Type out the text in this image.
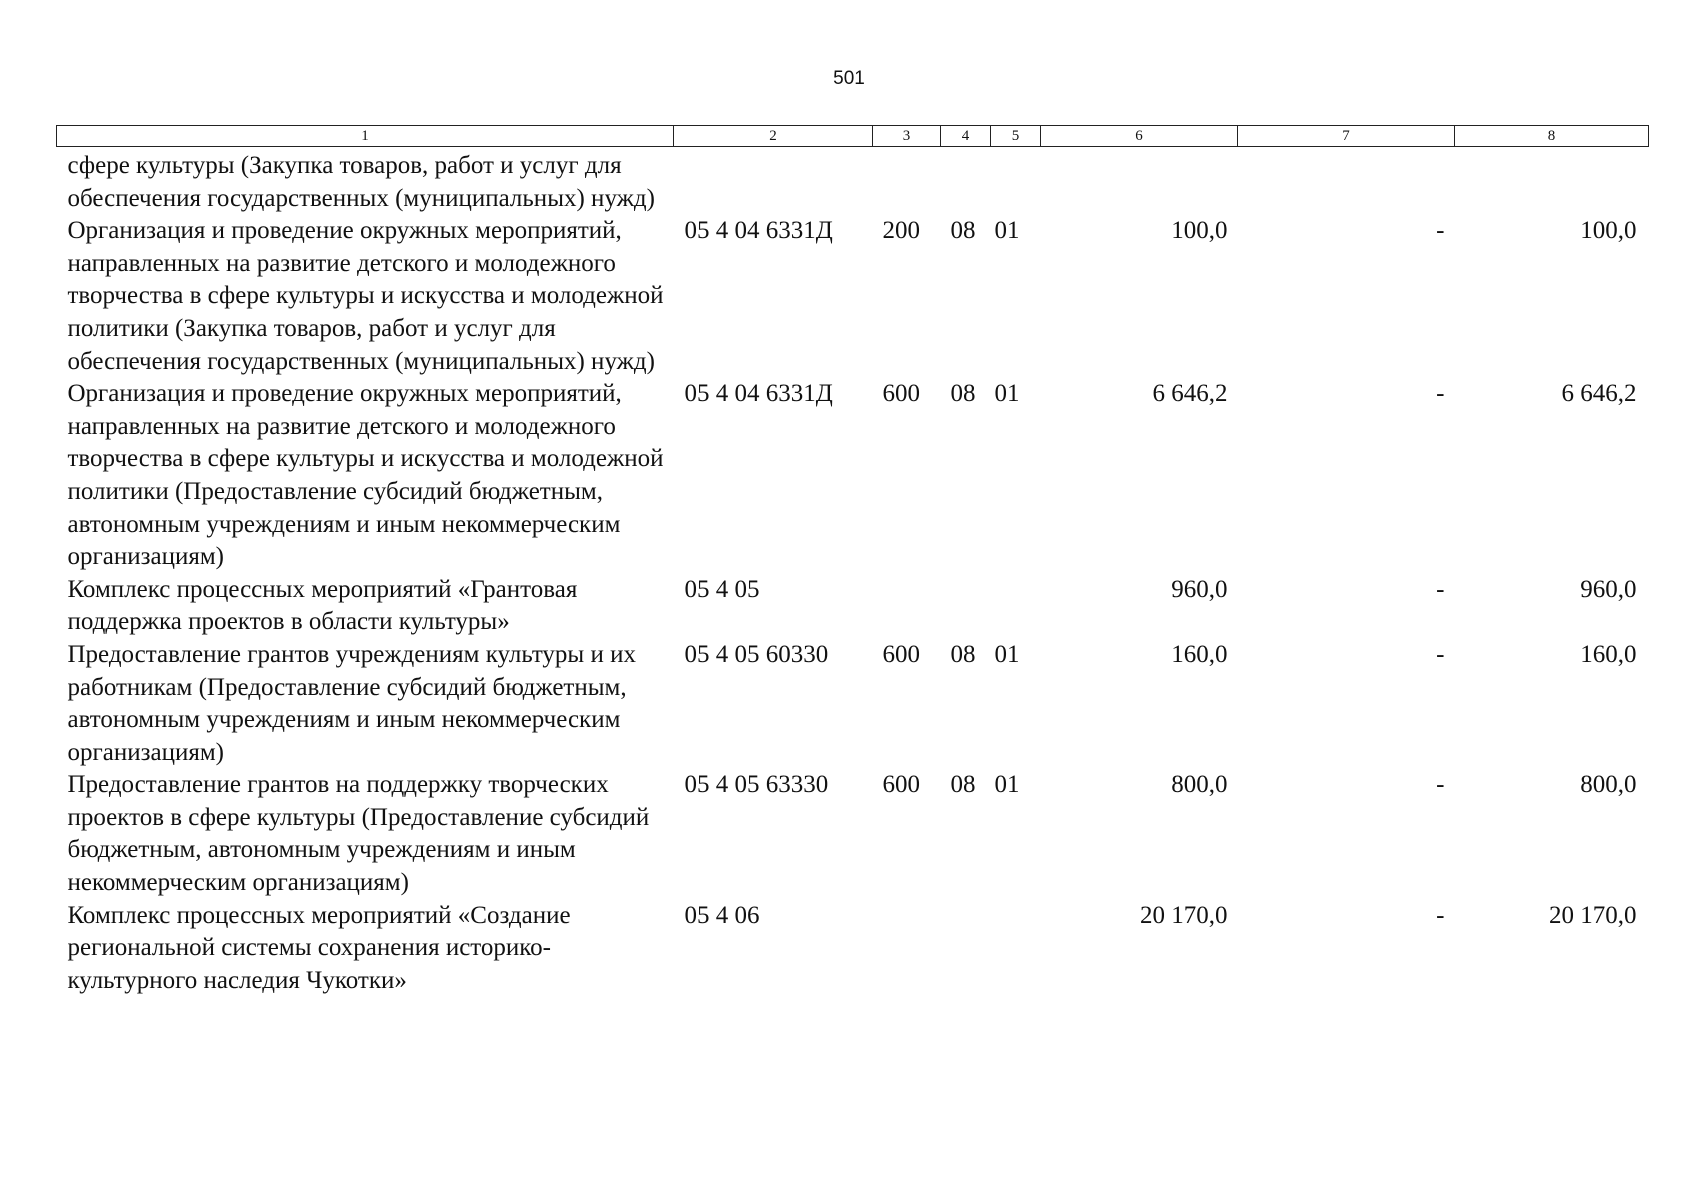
501
1	2	3	4	5	6	7	8
сфере культуры (Закупка товаров, работ и услуг для обеспечения государственных (муниципальных) нужд)							
Организация и проведение окружных мероприятий, направленных на развитие детского и молодежного творчества в сфере культуры и искусства и молодежной политики (Закупка товаров, работ и услуг для обеспечения государственных (муниципальных) нужд)	05 4 04 6331Д	200	08	01	100,0	-	100,0
Организация и проведение окружных мероприятий, направленных на развитие детского и молодежного творчества в сфере культуры и искусства и молодежной политики (Предоставление субсидий бюджетным, автономным учреждениям и иным некоммерческим организациям)	05 4 04 6331Д	600	08	01	6 646,2	-	6 646,2
Комплекс процессных мероприятий «Грантовая поддержка проектов в области культуры»	05 4 05				960,0	-	960,0
Предоставление грантов учреждениям культуры и их работникам (Предоставление субсидий бюджетным, автономным учреждениям и иным некоммерческим организациям)	05 4 05 60330	600	08	01	160,0	-	160,0
Предоставление грантов на поддержку творческих проектов в сфере культуры (Предоставление субсидий бюджетным, автономным учреждениям и иным некоммерческим организациям)	05 4 05 63330	600	08	01	800,0	-	800,0
Комплекс процессных мероприятий «Создание региональной системы сохранения историко-культурного наследия Чукотки»	05 4 06				20 170,0	-	20 170,0
